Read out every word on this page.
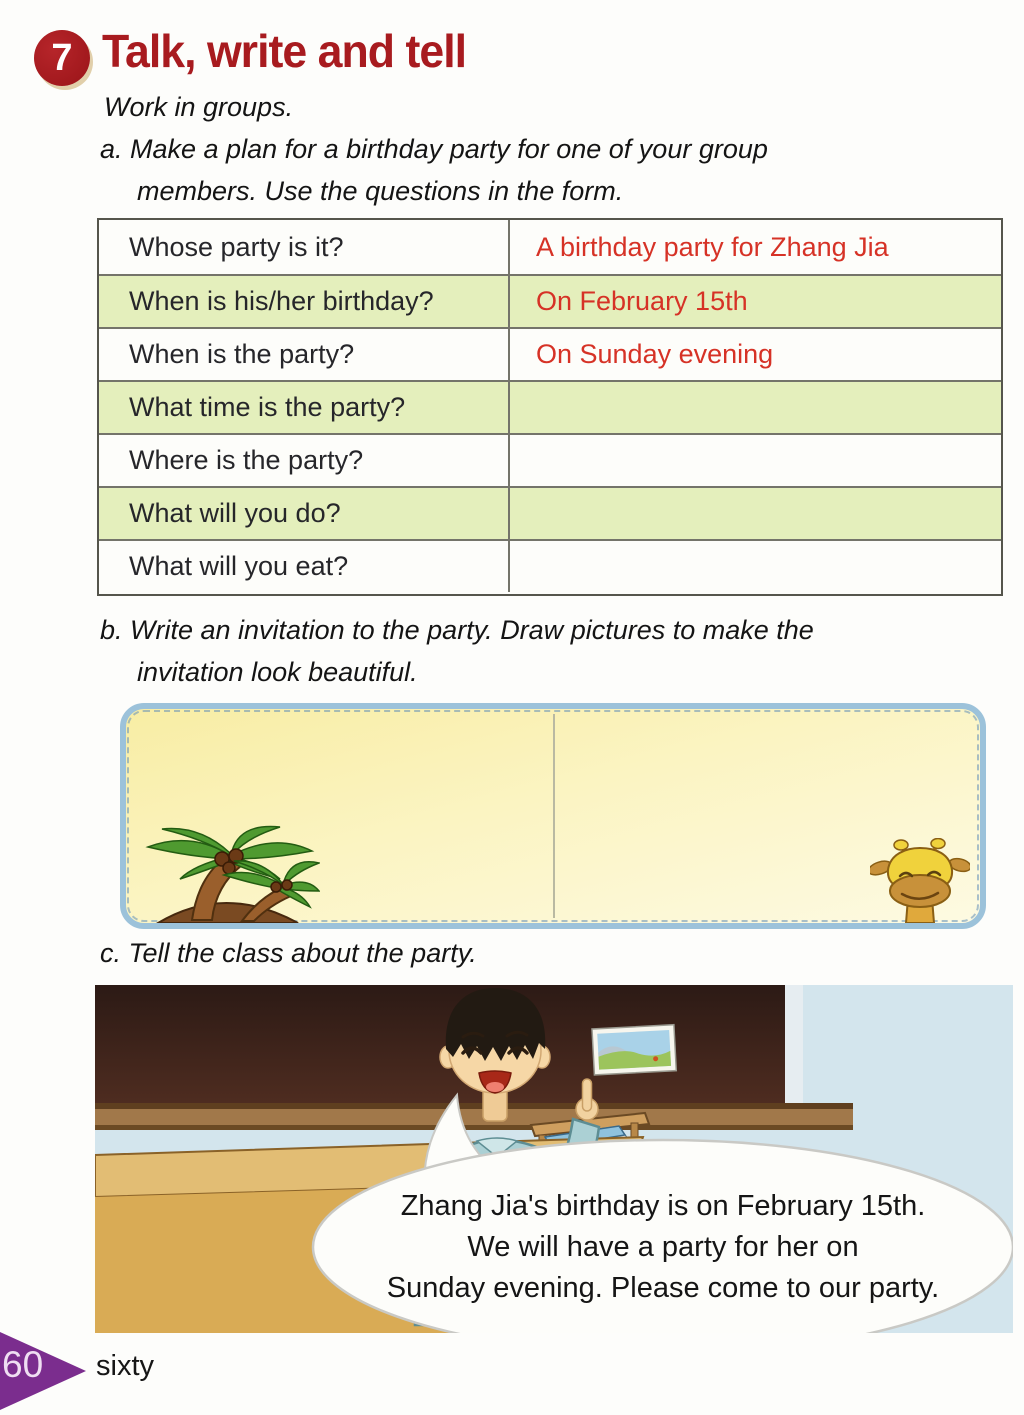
7 Talk, write and tell
Work in groups.
a. Make a plan for a birthday party for one of your group
members. Use the questions in the form.
Whose party is it?	A birthday party for Zhang Jia
When is his/her birthday?	On February 15th
When is the party?	On Sunday evening
What time is the party?
Where is the party?
What will you do?
What will you eat?
b. Write an invitation to the party. Draw pictures to make the
invitation look beautiful.
c. Tell the class about the party.
Zhang Jia's birthday is on February 15th.
We will have a party for her on
Sunday evening. Please come to our party.
60 sixty
